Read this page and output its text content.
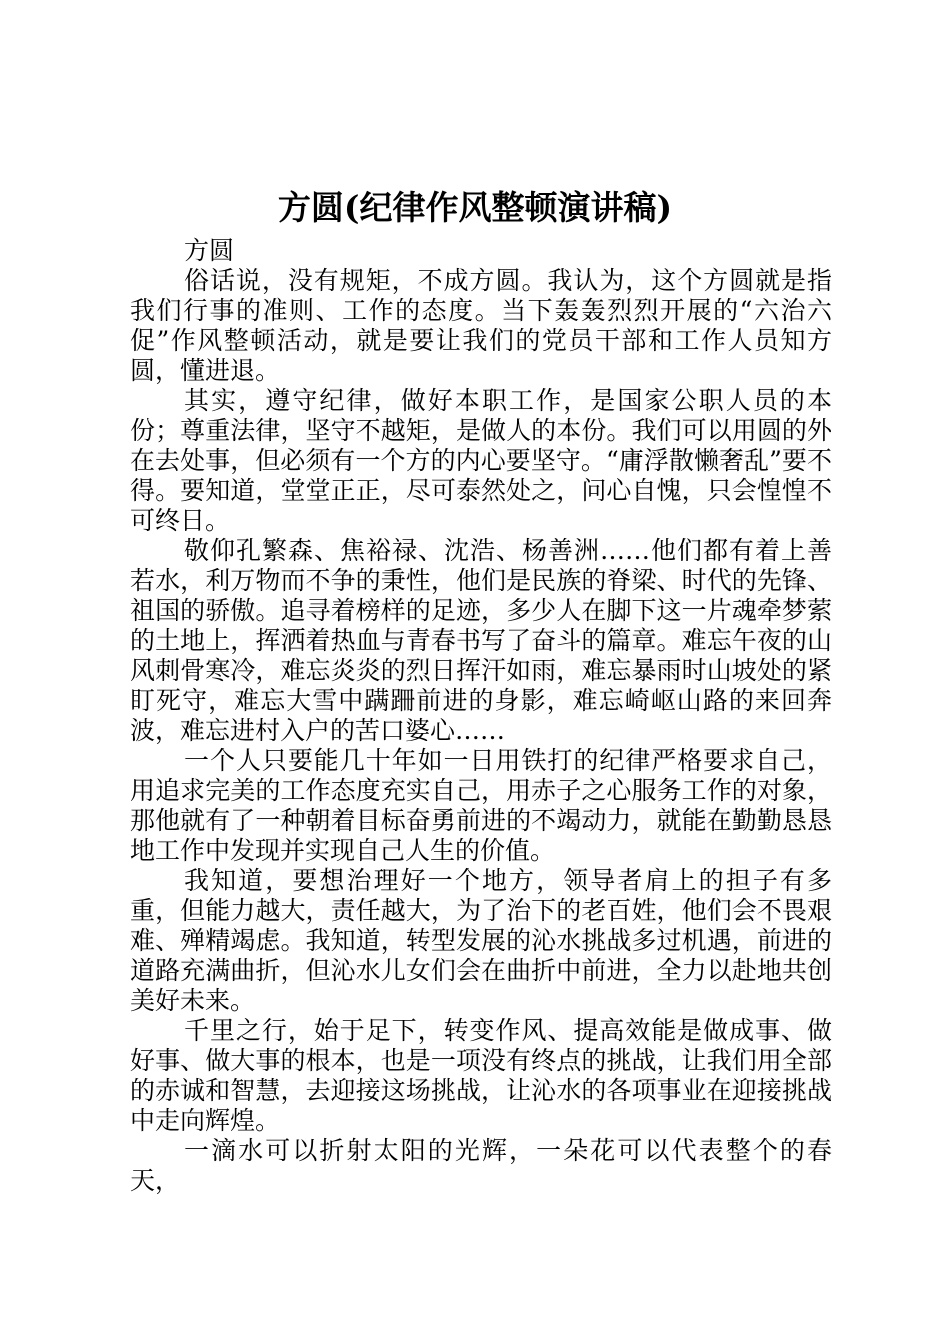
方圆(纪律作风整顿演讲稿)

方圆

俗话说，没有规矩，不成方圆。我认为，这个方圆就是指我们行事的准则、工作的态度。当下轰轰烈烈开展的“六治六促”作风整顿活动，就是要让我们的党员干部和工作人员知方圆，懂进退。

其实，遵守纪律，做好本职工作，是国家公职人员的本份；尊重法律，坚守不越矩，是做人的本份。我们可以用圆的外在去处事，但必须有一个方的内心要坚守。“庸浮散懒奢乱”要不得。要知道，堂堂正正，尽可泰然处之，问心自愧，只会惶惶不可终日。

敬仰孔繁森、焦裕禄、沈浩、杨善洲……他们都有着上善若水，利万物而不争的秉性，他们是民族的脊梁、时代的先锋、祖国的骄傲。追寻着榜样的足迹，多少人在脚下这一片魂牵梦萦的土地上，挥洒着热血与青春书写了奋斗的篇章。难忘午夜的山风刺骨寒冷，难忘炎炎的烈日挥汗如雨，难忘暴雨时山坡处的紧盯死守，难忘大雪中蹒跚前进的身影，难忘崎岖山路的来回奔波，难忘进村入户的苦口婆心……

一个人只要能几十年如一日用铁打的纪律严格要求自己，用追求完美的工作态度充实自己，用赤子之心服务工作的对象，那他就有了一种朝着目标奋勇前进的不竭动力，就能在勤勤恳恳地工作中发现并实现自己人生的价值。

我知道，要想治理好一个地方，领导者肩上的担子有多重，但能力越大，责任越大，为了治下的老百姓，他们会不畏艰难、殚精竭虑。我知道，转型发展的沁水挑战多过机遇，前进的道路充满曲折，但沁水儿女们会在曲折中前进，全力以赴地共创美好未来。

千里之行，始于足下，转变作风、提高效能是做成事、做好事、做大事的根本，也是一项没有终点的挑战，让我们用全部的赤诚和智慧，去迎接这场挑战，让沁水的各项事业在迎接挑战中走向辉煌。

一滴水可以折射太阳的光辉，一朵花可以代表整个的春天，
